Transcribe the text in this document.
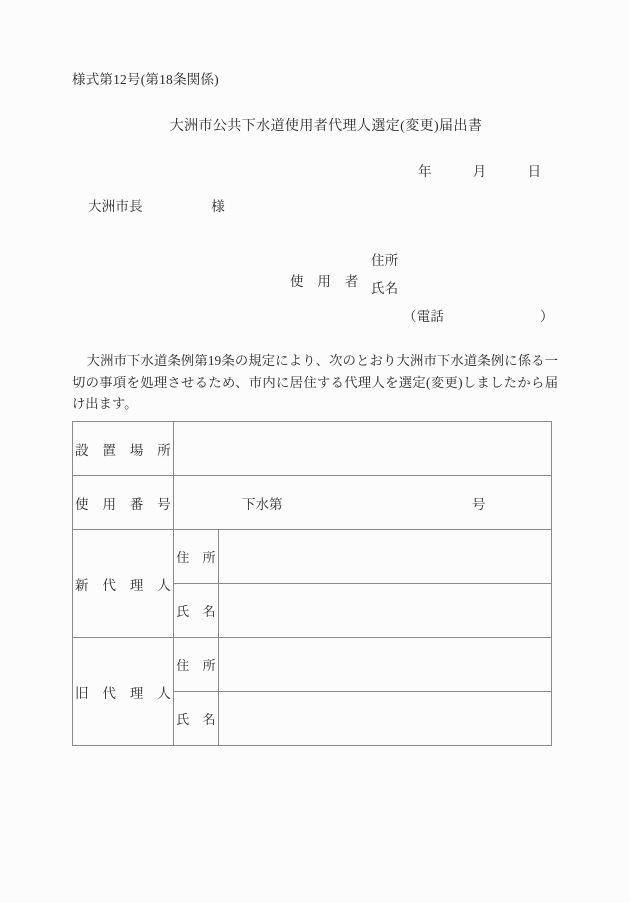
様式第12号(第18条関係)
大洲市公共下水道使用者代理人選定(変更)届出書
年　　　月　　　日
大洲市長　　　　　様
使　用　者
住所
氏名
（電話　　　　　　　）
大洲市下水道条例第19条の規定により、次のとおり大洲市下水道条例に係る一切の事項を処理させるため、市内に居住する代理人を選定(変更)しましたから届け出ます。
設　置　場　所		
使　用　番　号	下水第 号	

新　代　理　人	住　所	
	氏　名	
旧　代　理　人	住　所	
	氏　名	
